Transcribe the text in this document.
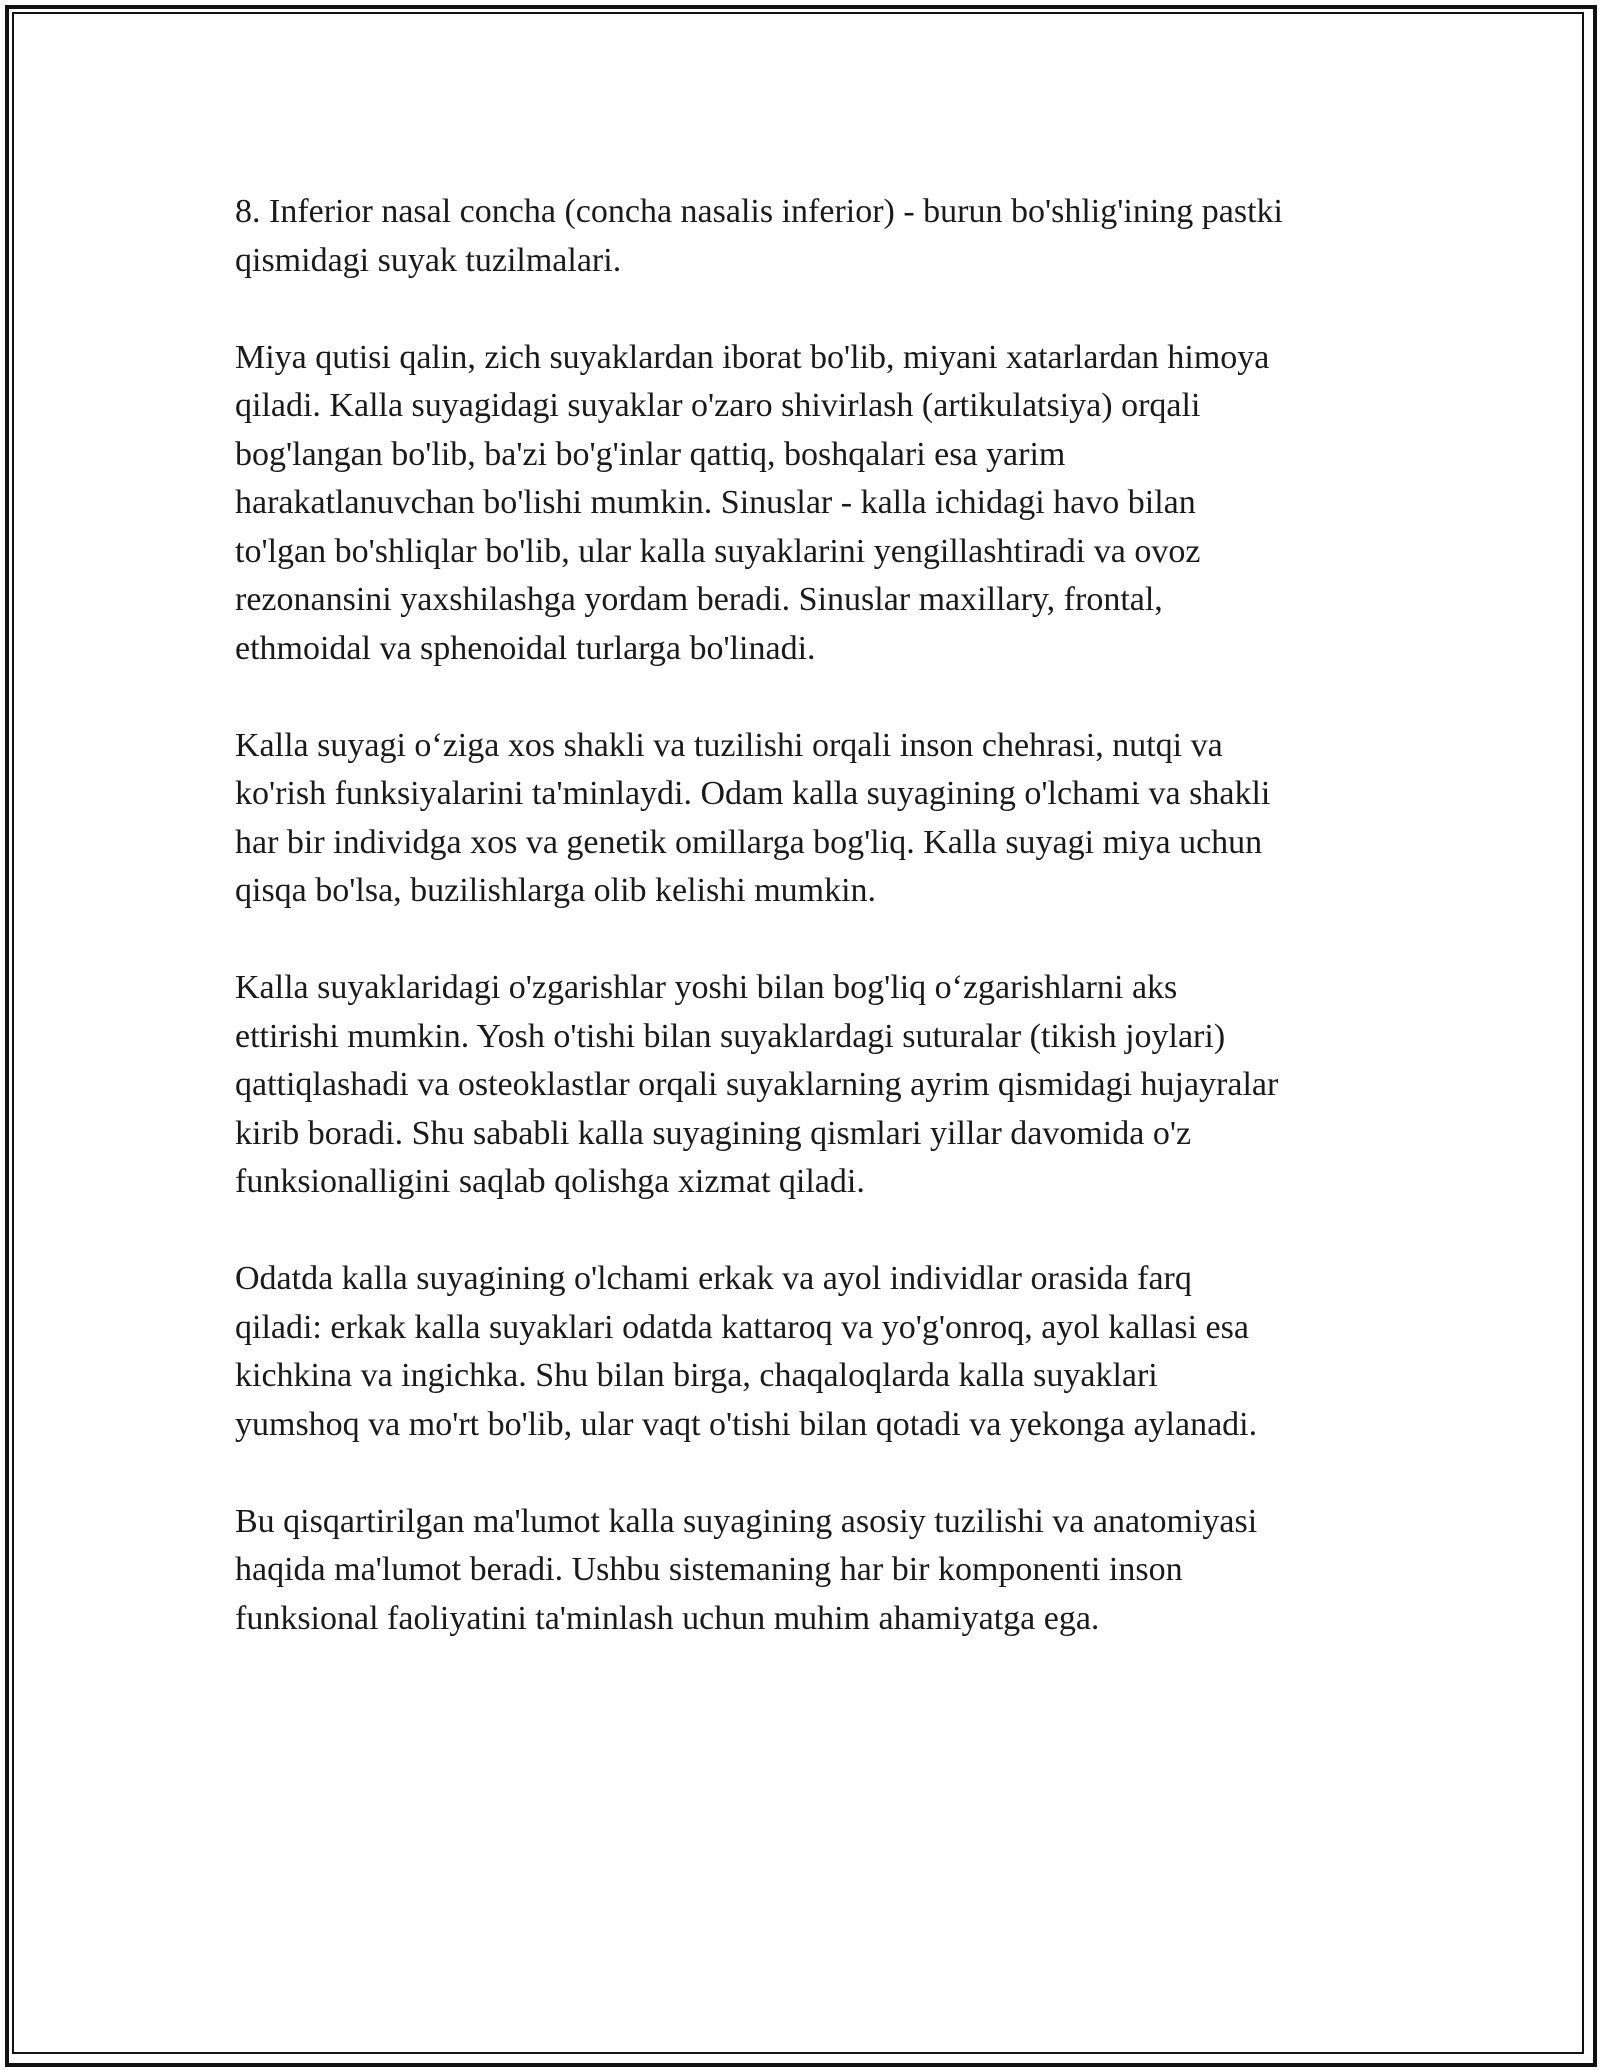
8. Inferior nasal concha (concha nasalis inferior) - burun bo'shlig'ining pastki
qismidagi suyak tuzilmalari.

Miya qutisi qalin, zich suyaklardan iborat bo'lib, miyani xatarlardan himoya
qiladi. Kalla suyagidagi suyaklar o'zaro shivirlash (artikulatsiya) orqali
bog'langan bo'lib, ba'zi bo'g'inlar qattiq, boshqalari esa yarim
harakatlanuvchan bo'lishi mumkin. Sinuslar - kalla ichidagi havo bilan
to'lgan bo'shliqlar bo'lib, ular kalla suyaklarini yengillashtiradi va ovoz
rezonansini yaxshilashga yordam beradi. Sinuslar maxillary, frontal,
ethmoidal va sphenoidal turlarga bo'linadi.

Kalla suyagi o‘ziga xos shakli va tuzilishi orqali inson chehrasi, nutqi va
ko'rish funksiyalarini ta'minlaydi. Odam kalla suyagining o'lchami va shakli
har bir individga xos va genetik omillarga bog'liq. Kalla suyagi miya uchun
qisqa bo'lsa, buzilishlarga olib kelishi mumkin.

Kalla suyaklaridagi o'zgarishlar yoshi bilan bog'liq o‘zgarishlarni aks
ettirishi mumkin. Yosh o'tishi bilan suyaklardagi suturalar (tikish joylari)
qattiqlashadi va osteoklastlar orqali suyaklarning ayrim qismidagi hujayralar
kirib boradi. Shu sababli kalla suyagining qismlari yillar davomida o'z
funksionalligini saqlab qolishga xizmat qiladi.

Odatda kalla suyagining o'lchami erkak va ayol individlar orasida farq
qiladi: erkak kalla suyaklari odatda kattaroq va yo'g'onroq, ayol kallasi esa
kichkina va ingichka. Shu bilan birga, chaqaloqlarda kalla suyaklari
yumshoq va mo'rt bo'lib, ular vaqt o'tishi bilan qotadi va yekonga aylanadi.

Bu qisqartirilgan ma'lumot kalla suyagining asosiy tuzilishi va anatomiyasi
haqida ma'lumot beradi. Ushbu sistemaning har bir komponenti inson
funksional faoliyatini ta'minlash uchun muhim ahamiyatga ega.
